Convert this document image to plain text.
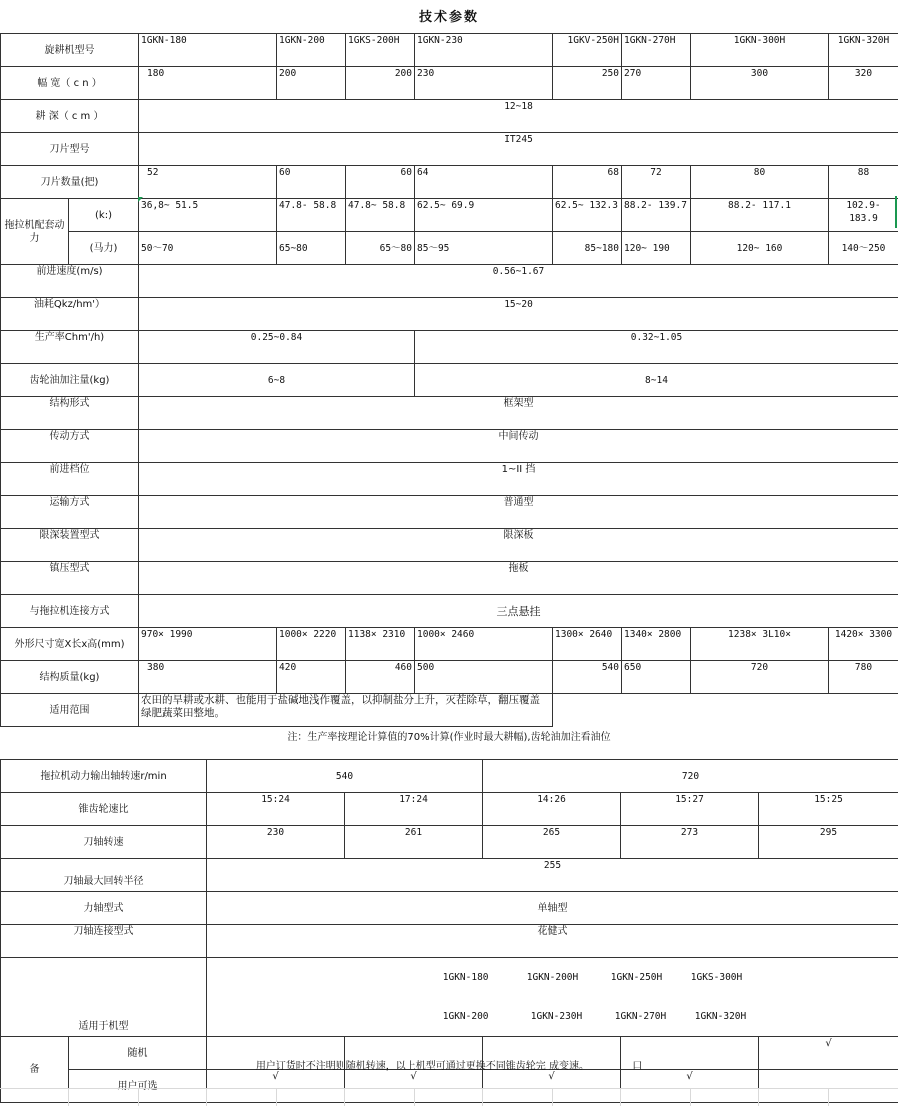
技术参数
旋耕机型号		1GKN-180	1GKN-200	1GKS-200H	1GKN-230	1GKV-250H	1GKN-270H	1GKN-300H	1GKN-320H
幅 宽（ c n ）		180	200	200	230	250	270	300	320
耕 深（ c m ）		12~18							
刀片型号		IT245							
刀片数量(把)		52	60	60	64	68	72	80	88
拖拉机配套动力	(k:)	36,8~ 51.5	47.8- 58.8	47.8~ 58.8	62.5~ 69.9	62.5~ 132.3	88.2- 139.7	88.2- 117.1	102.9- 183.9
	(马力)	50～70	65~80	65～80	85～95	85~180	120~ 190	120~ 160	140～250
前进速度(m/s)		0.56~1.67							
油耗Qkz/hm'）		15~20							
生产率Chm'/h)		0.25~0.84			0.32~1.05				
齿轮油加注量(kg)		6~8			8~14				
结构形式		框架型							
传动方式		中间传动							
前进档位		1~II 挡							
运输方式		普通型							
限深装置型式		限深板							
镇压型式		拖板							
与拖拉机连接方式		三点悬挂							
外形尺寸宽X长x高(mm)		970× 1990	1000× 2220	1138× 2310	1000× 2460	1300× 2640	1340× 2800	1238× 3L10×	1420× 3300
结构质量(kg)		380	420	460	500	540	650	720	780
适用范围		农田的旱耕或水耕、也能用于盐碱地浅作覆盖，以抑制盐分上升，灭茬除草，翻压覆盖绿肥蔬菜田整地。							
注：生产率按理论计算值的70%计算(作业时最大耕幅),齿轮油加注看油位
拖拉机动力输出轴转速r/min		540		720		
锥齿轮速比		15:24	17:24	14:26	15:27	15:25
刀轴转速		230	261	265	273	295
刀轴最大回转半径		255				
力轴型式		单轴型				
刀轴连接型式		花健式				
适用于机型		1GKN-180 1GKN-200H 1GKN-250H 1GKS-300H

1GKN-200 1GKN-230H 1GKN-270H 1GKN-320H				

备	随机					√
	用户可选	√	√	√	√	
用户订货时不注明则随机转速，以上机型可通过更换不同锥齿轮完 成变速。	口
